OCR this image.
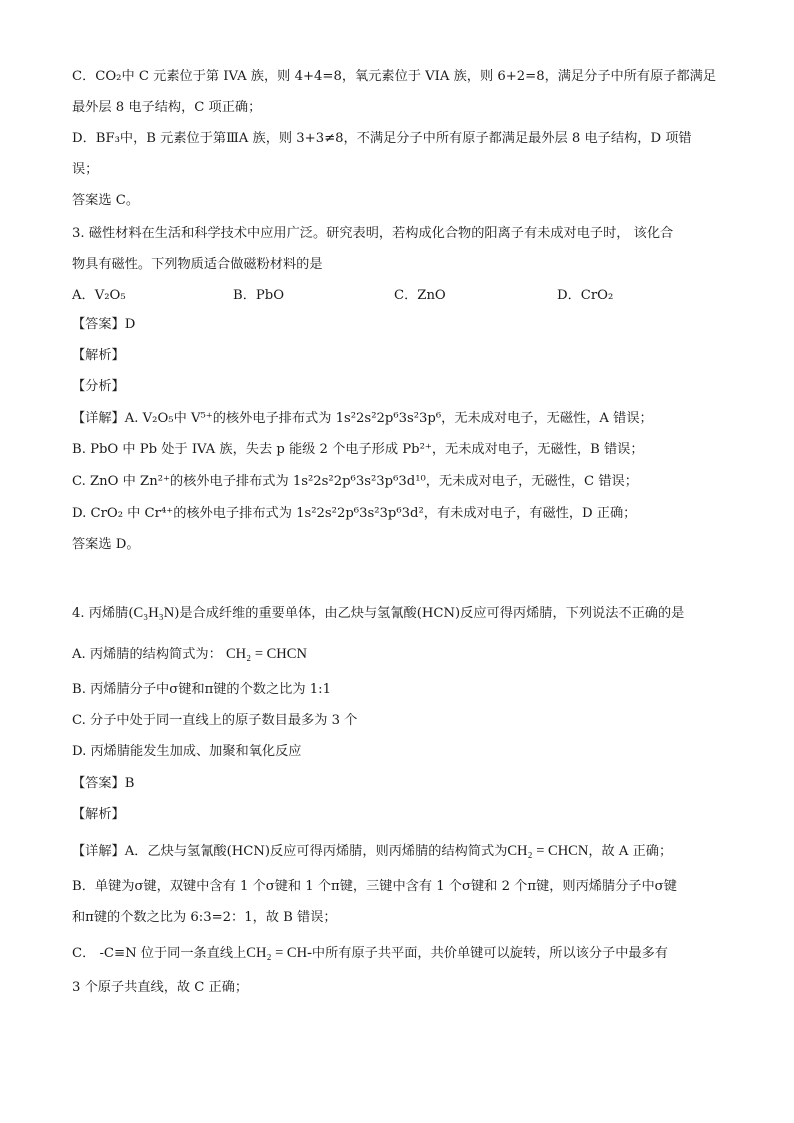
C．CO₂中 C 元素位于第 IVA 族，则 4+4=8，氧元素位于 VIA 族，则 6+2=8，满足分子中所有原子都满足
最外层 8 电子结构，C 项正确；
D．BF₃中，B 元素位于第ⅢA 族，则 3+3≠8，不满足分子中所有原子都满足最外层 8 电子结构，D 项错
误；
答案选 C。
3. 磁性材料在生活和科学技术中应用广泛。研究表明，若构成化合物的阳离子有未成对电子时， 该化合
物具有磁性。下列物质适合做磁粉材料的是
A．V₂O₅	B．PbO	C．ZnO	D．CrO₂
【答案】D
【解析】
【分析】
【详解】A. V₂O₅中 V⁵⁺的核外电子排布式为 1s²2s²2p⁶3s²3p⁶，无未成对电子，无磁性，A 错误；
B. PbO 中 Pb 处于 IVA 族，失去 p 能级 2 个电子形成 Pb²⁺，无未成对电子，无磁性，B 错误；
C. ZnO 中 Zn²⁺的核外电子排布式为 1s²2s²2p⁶3s²3p⁶3d¹⁰，无未成对电子，无磁性，C 错误；
D. CrO₂ 中 Cr⁴⁺的核外电子排布式为 1s²2s²2p⁶3s²3p⁶3d²，有未成对电子，有磁性，D 正确；
答案选 D。
4. 丙烯腈(C₃H₃N)是合成纤维的重要单体，由乙炔与氢氰酸(HCN)反应可得丙烯腈，下列说法不正确的是
A. 丙烯腈的结构简式为： CH₂ = CHCN
B. 丙烯腈分子中σ键和π键的个数之比为 1:1
C. 分子中处于同一直线上的原子数目最多为 3 个
D. 丙烯腈能发生加成、加聚和氧化反应
【答案】B
【解析】
【详解】A．乙炔与氢氰酸(HCN)反应可得丙烯腈，则丙烯腈的结构简式为CH₂ = CHCN，故 A 正确；
B．单键为σ键，双键中含有 1 个σ键和 1 个π键，三键中含有 1 个σ键和 2 个π键，则丙烯腈分子中σ键
和π键的个数之比为 6:3=2：1，故 B 错误；
C． -C≡N 位于同一条直线上CH₂ = CH-中所有原子共平面，共价单键可以旋转，所以该分子中最多有
3 个原子共直线，故 C 正确；
